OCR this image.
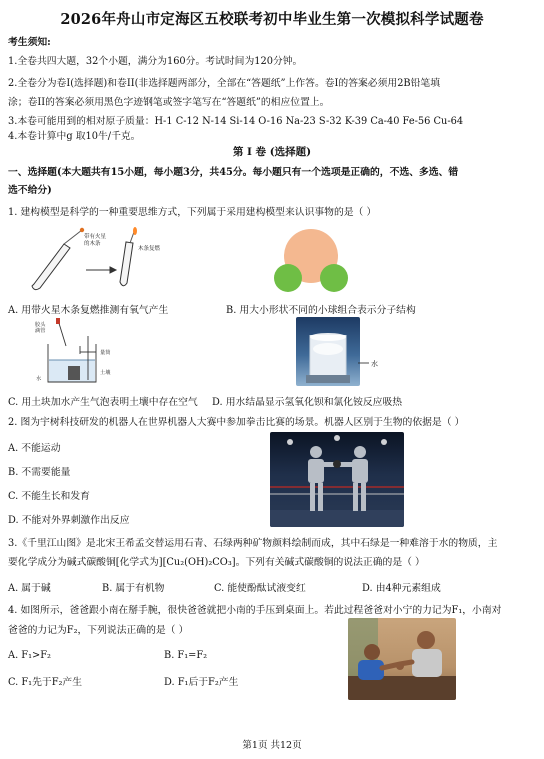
2026年舟山市定海区五校联考初中毕业生第一次模拟科学试题卷
考生须知:
1.全卷共四大题，32个小题，满分为160分。考试时间为120分钟。
2.全卷分为卷I(选择题)和卷II(非选择题两部分，全部在“答题纸”上作答。卷I的答案必须用2B铅笔填
涂；卷II的答案必须用黑色字迹钢笔或签字笔写在“答题纸”的相应位置上。
3.本卷可能用到的相对原子质量：H-1 C-12 N-14 Si-14 O-16 Na-23 S-32 K-39 Ca-40 Fe-56 Cu-64
4.本卷计算中g 取10牛/千克。
第 I 卷 (选择题)
一、选择题(本大题共有15小题，每小题3分，共45分。每小题只有一个选项是正确的，不选、多选、错
选不给分)
1. 建构模型是科学的一种重要思维方式，下列属于采用建构模型来认识事物的是（ ）
带有火星
的木条
木条复燃
A. 用带火星木条复燃推测有氧气产生	B. 用大小形状不同的小球组合表示分子结构
胶头
滴管
量筒
水
土壤
水
C. 用土块加水产生气泡表明土壤中存在空气 D. 用水结晶显示氢氧化钡和氯化铵反应吸热
2. 图为宇树科技研发的机器人在世界机器人大赛中参加拳击比赛的场景。机器人区别于生物的依据是（ ）
A. 不能运动
B. 不需要能量
C. 不能生长和发育
D. 不能对外界刺激作出反应
3.《千里江山图》是北宋王希孟交替运用石青、石绿两种矿物颜料绘制而成，其中石绿是一种难溶于水的物质，主
要化学成分为碱式碳酸铜[化学式为][Cu₂(OH)₂CO₃]。下列有关碱式碳酸铜的说法正确的是（ ）
A. 属于碱	B. 属于有机物	C. 能使酚酞试液变红	D. 由4种元素组成
4. 如图所示，爸爸跟小南在掰手腕，很快爸爸就把小南的手压到桌面上。若此过程爸爸对小宁的力记为F₁，小南对
爸爸的力记为F₂，下列说法正确的是（ ）
A. F₁>F₂	B. F₁=F₂
C. F₁先于F₂产生	D. F₁后于F₂产生
第1页 共12页
